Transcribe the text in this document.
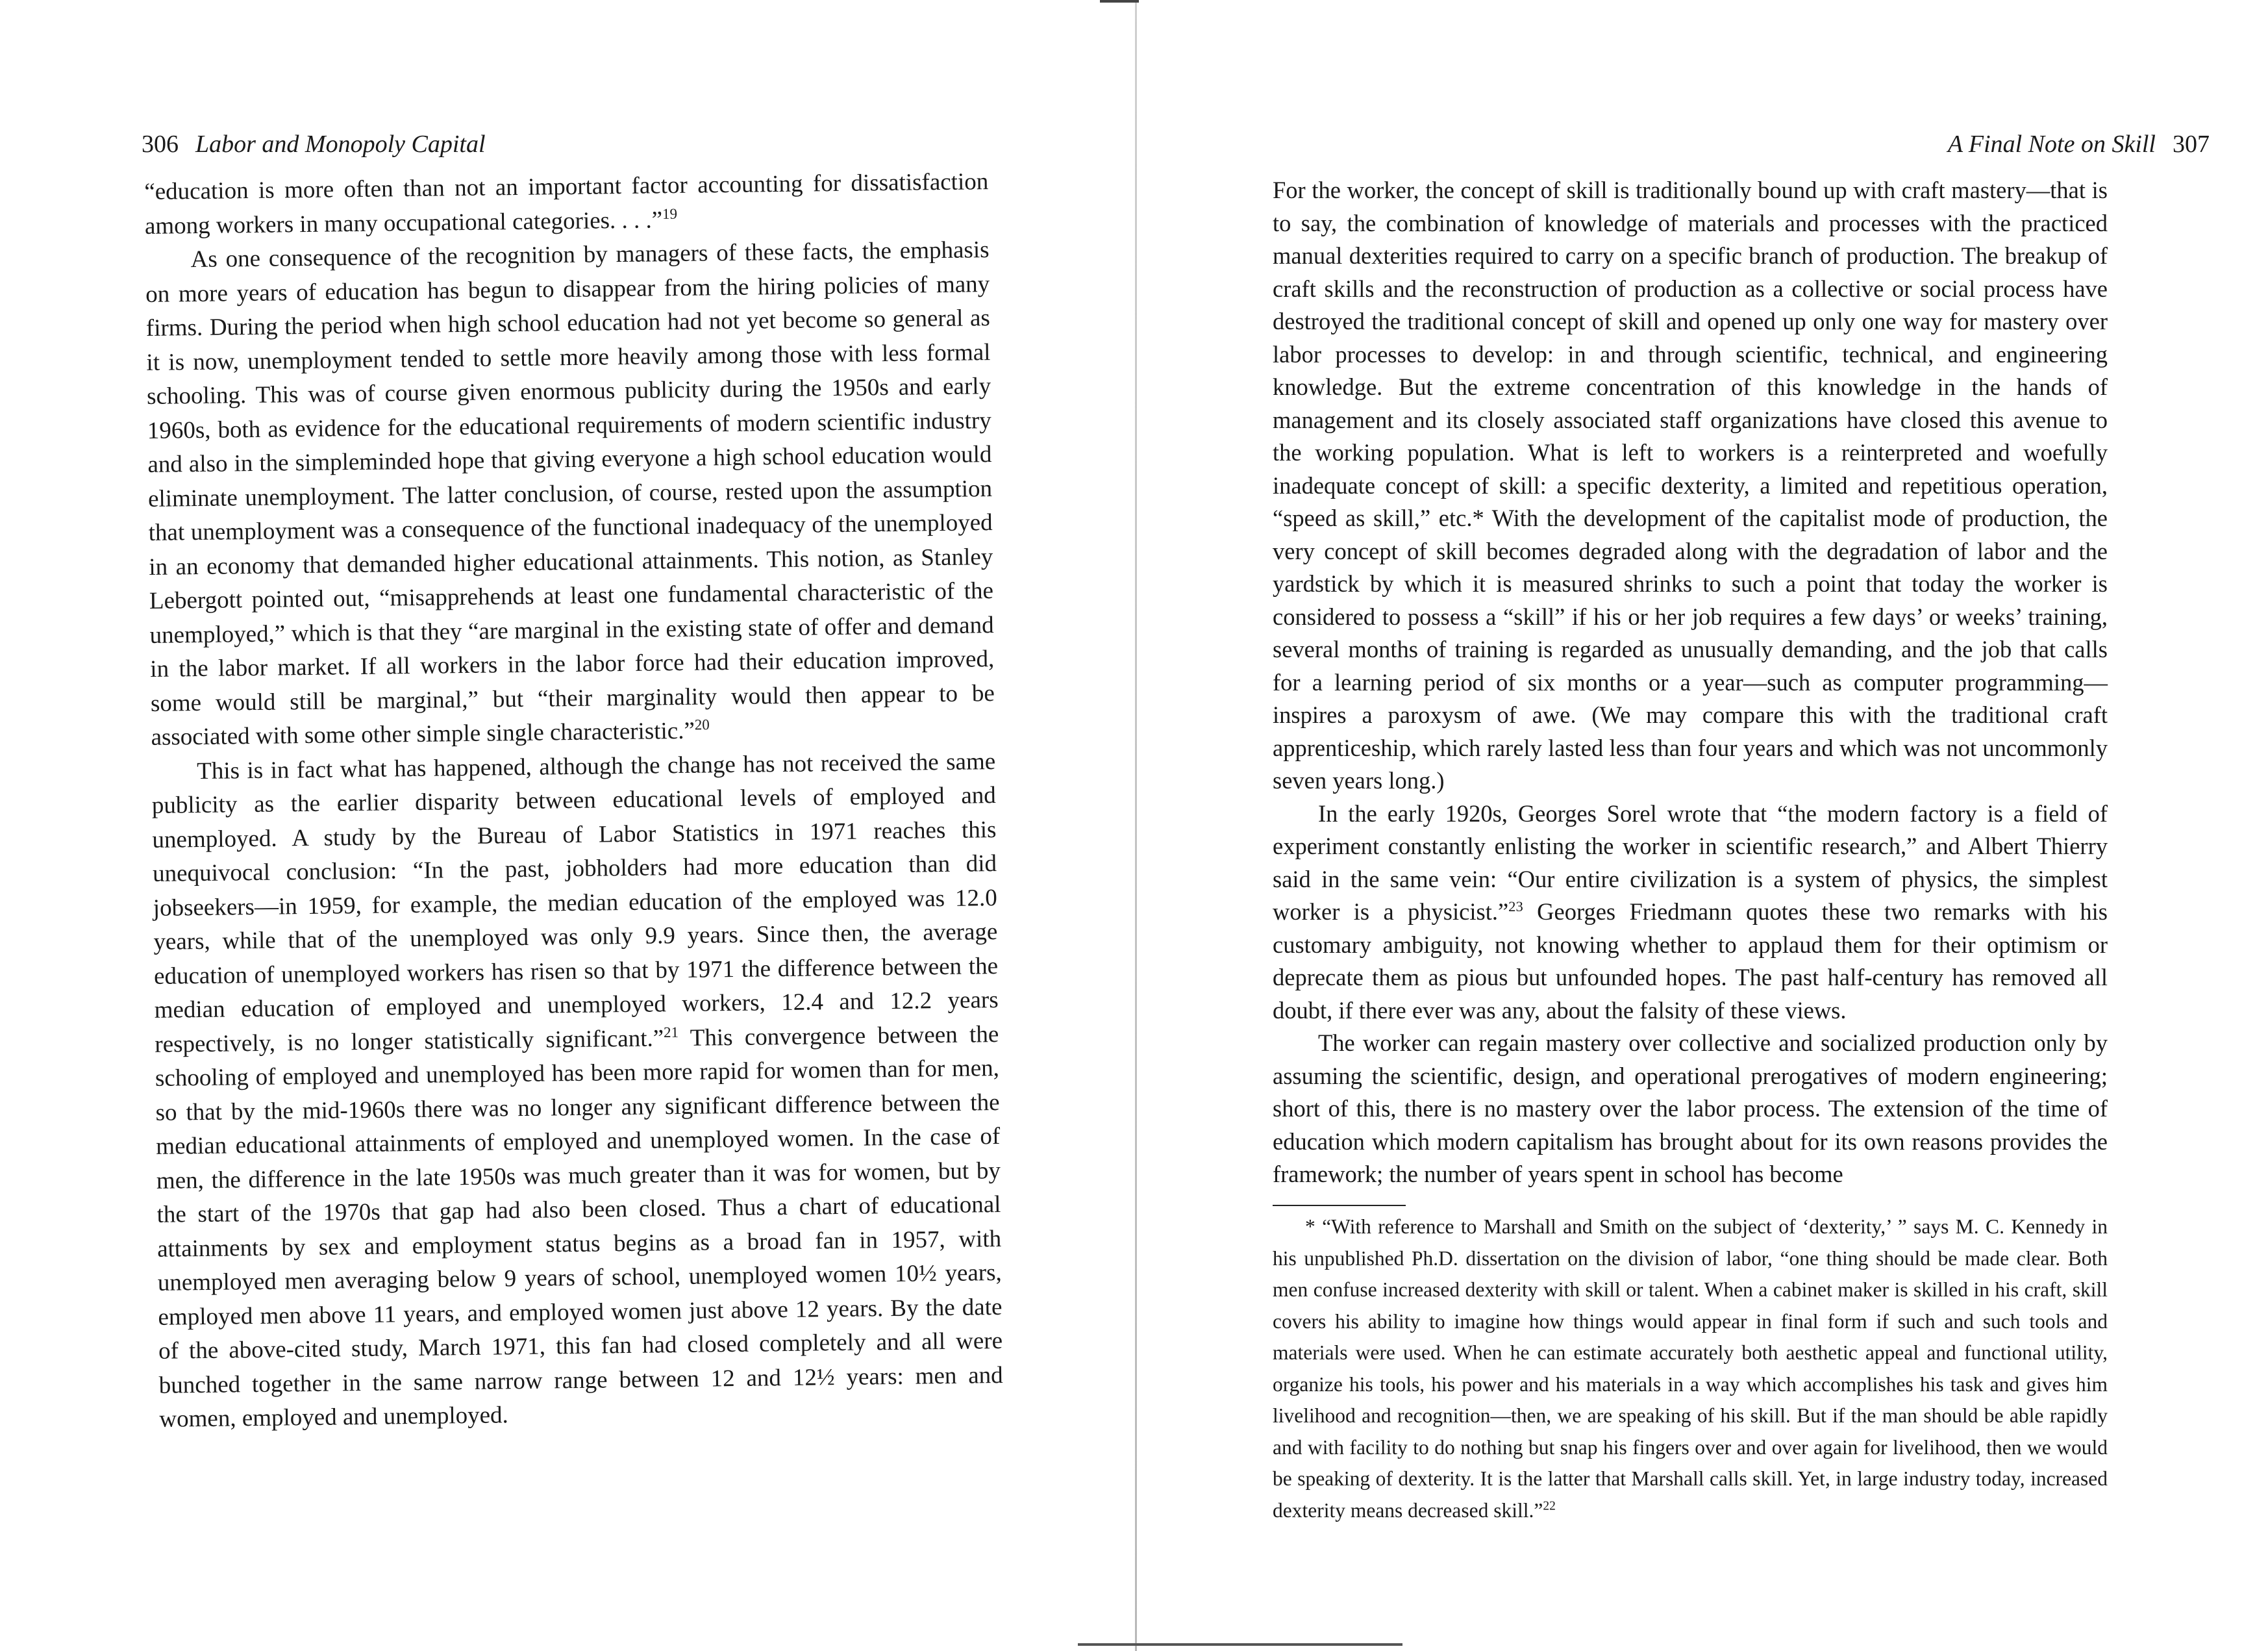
306 Labor and Monopoly Capital

“education is more often than not an important factor accounting for dissatisfaction among workers in many occupational categories. . . .”$^{19}$

As one consequence of the recognition by managers of these facts, the emphasis on more years of education has begun to disappear from the hiring policies of many firms. During the period when high school education had not yet become so general as it is now, unemployment tended to settle more heavily among those with less formal schooling. This was of course given enormous publicity during the 1950s and early 1960s, both as evidence for the educational requirements of modern scientific industry and also in the simpleminded hope that giving everyone a high school education would eliminate unemployment. The latter conclusion, of course, rested upon the assumption that unemployment was a consequence of the functional inadequacy of the unemployed in an economy that demanded higher educational attainments. This notion, as Stanley Lebergott pointed out, “misapprehends at least one fundamental characteristic of the unemployed,” which is that they “are marginal in the existing state of offer and demand in the labor market. If all workers in the labor force had their education improved, some would still be marginal,” but “their marginality would then appear to be associated with some other simple single characteristic.”$^{20}$

This is in fact what has happened, although the change has not received the same publicity as the earlier disparity between educational levels of employed and unemployed. A study by the Bureau of Labor Statistics in 1971 reaches this unequivocal conclusion: “In the past, jobholders had more education than did jobseekers—in 1959, for example, the median education of the employed was 12.0 years, while that of the unemployed was only 9.9 years. Since then, the average education of unemployed workers has risen so that by 1971 the difference between the median education of employed and unemployed workers, 12.4 and 12.2 years respectively, is no longer statistically significant.”$^{21}$ This convergence between the schooling of employed and unemployed has been more rapid for women than for men, so that by the mid-1960s there was no longer any significant difference between the median educational attainments of employed and unemployed women. In the case of men, the difference in the late 1950s was much greater than it was for women, but by the start of the 1970s that gap had also been closed. Thus a chart of educational attainments by sex and employment status begins as a broad fan in 1957, with unemployed men averaging below 9 years of school, unemployed women 10½ years, employed men above 11 years, and employed women just above 12 years. By the date of the above-cited study, March 1971, this fan had closed completely and all were bunched together in the same narrow range between 12 and 12½ years: men and women, employed and unemployed.

A Final Note on Skill 307

For the worker, the concept of skill is traditionally bound up with craft mastery—that is to say, the combination of knowledge of materials and processes with the practiced manual dexterities required to carry on a specific branch of production. The breakup of craft skills and the reconstruction of production as a collective or social process have destroyed the traditional concept of skill and opened up only one way for mastery over labor processes to develop: in and through scientific, technical, and engineering knowledge. But the extreme concentration of this knowledge in the hands of management and its closely associated staff organizations have closed this avenue to the working population. What is left to workers is a reinterpreted and woefully inadequate concept of skill: a specific dexterity, a limited and repetitious operation, “speed as skill,” etc.* With the development of the capitalist mode of production, the very concept of skill becomes degraded along with the degradation of labor and the yardstick by which it is measured shrinks to such a point that today the worker is considered to possess a “skill” if his or her job requires a few days’ or weeks’ training, several months of training is regarded as unusually demanding, and the job that calls for a learning period of six months or a year—such as computer programming—inspires a paroxysm of awe. (We may compare this with the traditional craft apprenticeship, which rarely lasted less than four years and which was not uncommonly seven years long.)

In the early 1920s, Georges Sorel wrote that “the modern factory is a field of experiment constantly enlisting the worker in scientific research,” and Albert Thierry said in the same vein: “Our entire civilization is a system of physics, the simplest worker is a physicist.”$^{23}$ Georges Friedmann quotes these two remarks with his customary ambiguity, not knowing whether to applaud them for their optimism or deprecate them as pious but unfounded hopes. The past half-century has removed all doubt, if there ever was any, about the falsity of these views.

The worker can regain mastery over collective and socialized production only by assuming the scientific, design, and operational prerogatives of modern engineering; short of this, there is no mastery over the labor process. The extension of the time of education which modern capitalism has brought about for its own reasons provides the framework; the number of years spent in school has become

* “With reference to Marshall and Smith on the subject of ‘dexterity,’ ” says M. C. Kennedy in his unpublished Ph.D. dissertation on the division of labor, “one thing should be made clear. Both men confuse increased dexterity with skill or talent. When a cabinet maker is skilled in his craft, skill covers his ability to imagine how things would appear in final form if such and such tools and materials were used. When he can estimate accurately both aesthetic appeal and functional utility, organize his tools, his power and his materials in a way which accomplishes his task and gives him livelihood and recognition—then, we are speaking of his skill. But if the man should be able rapidly and with facility to do nothing but snap his fingers over and over again for livelihood, then we would be speaking of dexterity. It is the latter that Marshall calls skill. Yet, in large industry today, increased dexterity means decreased skill.”$^{22}$
